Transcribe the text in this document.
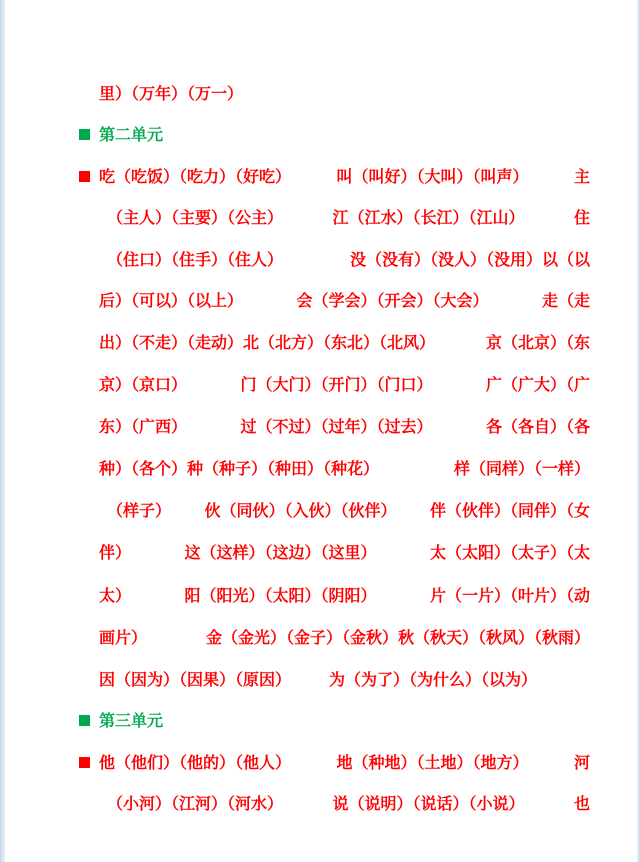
里）（万年）（万一）
第二单元
吃（吃饭）（吃力）（好吃）	叫（叫好）（大叫）（叫声）	主
（主人）（主要）（公主）	江（江水）（长江）（江山）	住
（住口）（住手）（住人）	没（没有）（没人）（没用）以（以
后）（可以）（以上）	会（学会）（开会）（大会）	走（走
出）（不走）（走动）北（北方）（东北）（北风）	京（北京）（东
京）（京口）	门（大门）（开门）（门口）	广（广大）（广
东）（广西）	过（不过）（过年）（过去）	各（各自）（各
种）（各个）种（种子）（种田）（种花）	样（同样）（一样）
（样子） 伙（同伙）（入伙）（伙伴） 伴（伙伴）（同伴）（女
伴）	这（这样）（这边）（这里）	太（太阳）（太子）（太
太）	阳（阳光）（太阳）（阴阳）	片（一片）（叶片）（动
画片）	金（金光）（金子）（金秋）秋（秋天）（秋风）（秋雨）
因（因为）（因果）（原因） 为（为了）（为什么）（以为）
第三单元
他（他们）（他的）（他人）	地（种地）（土地）（地方）	河
（小河）（江河）（河水）	说（说明）（说话）（小说）	也
